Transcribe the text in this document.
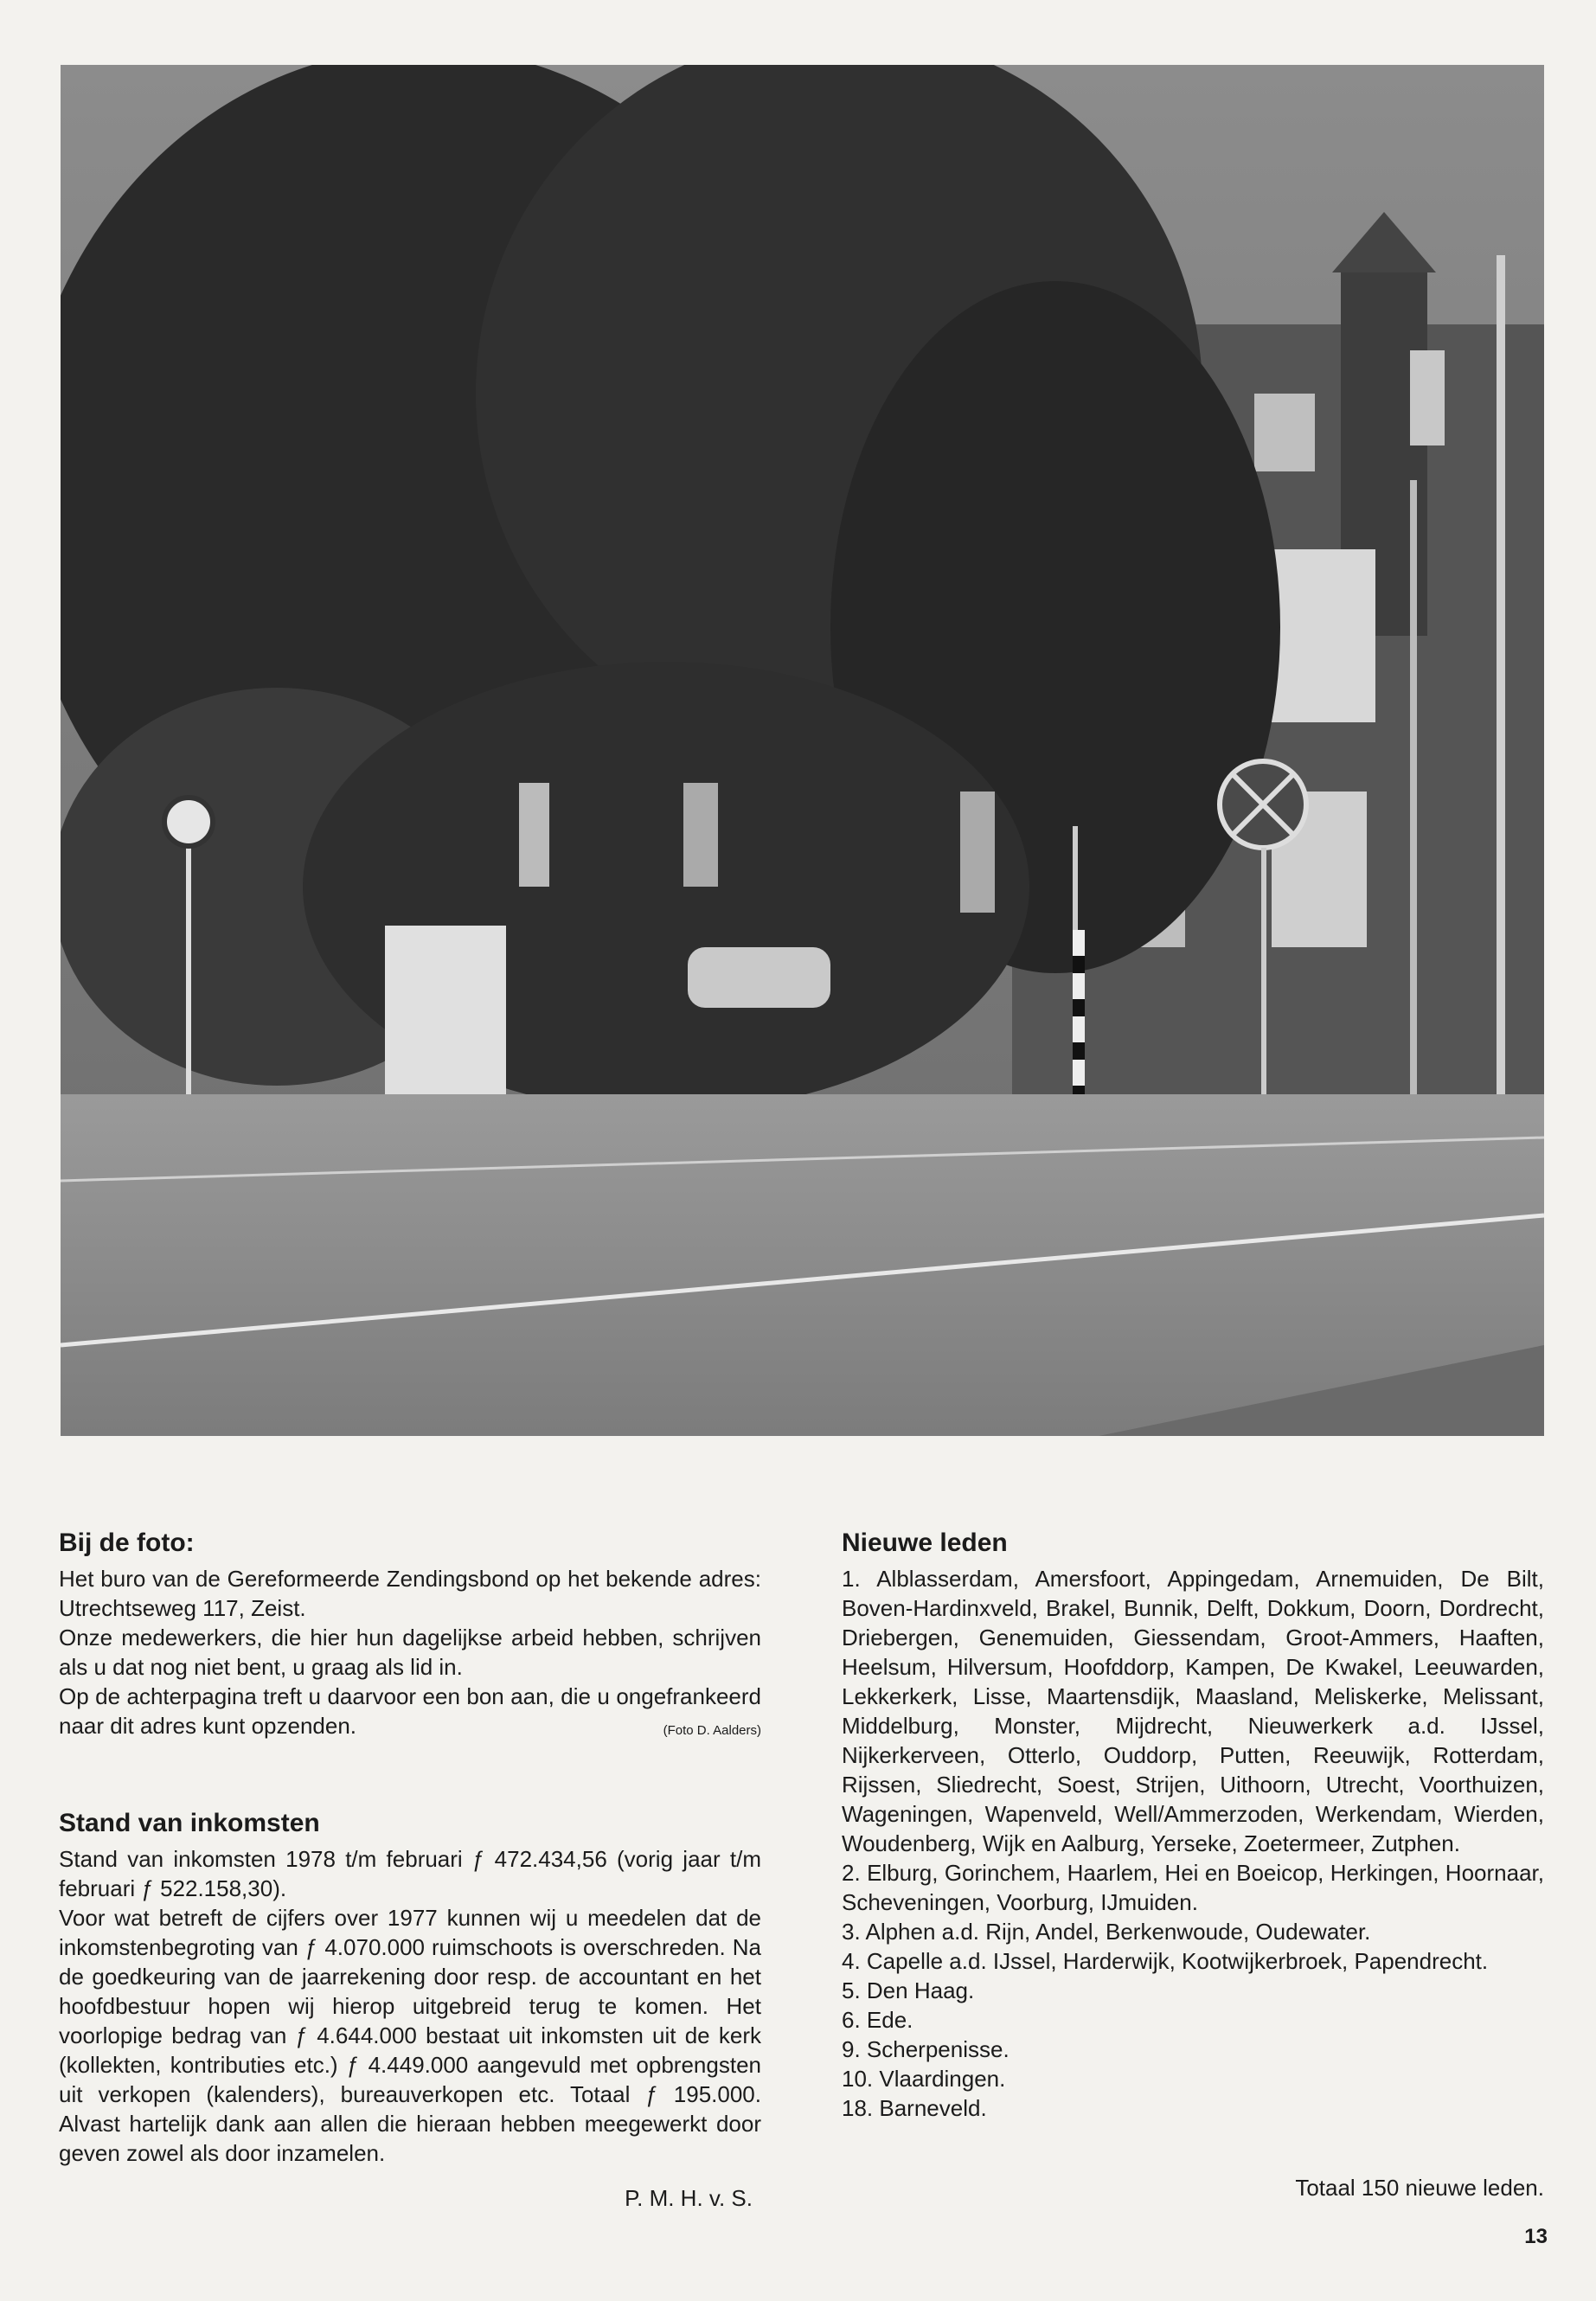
Bij de foto:

Het buro van de Gereformeerde Zendingsbond op het bekende adres: Utrechtseweg 117, Zeist.

Onze medewerkers, die hier hun dagelijkse arbeid hebben, schrijven als u dat nog niet bent, u graag als lid in.

Op de achterpagina treft u daarvoor een bon aan, die u ongefrankeerd naar dit adres kunt opzenden.	(Foto D. Aalders)

Stand van inkomsten

Stand van inkomsten 1978 t/m februari ƒ 472.434,56 (vorig jaar t/m februari ƒ 522.158,30).

Voor wat betreft de cijfers over 1977 kunnen wij u meedelen dat de inkomstenbegroting van ƒ 4.070.000 ruimschoots is overschreden. Na de goedkeuring van de jaarrekening door resp. de accountant en het hoofdbestuur hopen wij hierop uitgebreid terug te komen. Het voorlopige bedrag van ƒ 4.644.000 bestaat uit inkomsten uit de kerk (kollekten, kontributies etc.) ƒ 4.449.000 aangevuld met opbrengsten uit verkopen (kalenders), bureauverkopen etc. Totaal ƒ 195.000. Alvast hartelijk dank aan allen die hieraan hebben meegewerkt door geven zowel als door inzamelen.

P. M. H. v. S.
Nieuwe leden

1. Alblasserdam, Amersfoort, Appingedam, Arnemuiden, De Bilt, Boven-Hardinxveld, Brakel, Bunnik, Delft, Dokkum, Doorn, Dordrecht, Driebergen, Genemuiden, Giessendam, Groot-Ammers, Haaften, Heelsum, Hilversum, Hoofddorp, Kampen, De Kwakel, Leeuwarden, Lekkerkerk, Lisse, Maartensdijk, Maasland, Meliskerke, Melissant, Middelburg, Monster, Mijdrecht, Nieuwerkerk a.d. IJssel, Nijkerkerveen, Otterlo, Ouddorp, Putten, Reeuwijk, Rotterdam, Rijssen, Sliedrecht, Soest, Strijen, Uithoorn, Utrecht, Voorthuizen, Wageningen, Wapenveld, Well/Ammerzoden, Werkendam, Wierden, Woudenberg, Wijk en Aalburg, Yerseke, Zoetermeer, Zutphen.

2. Elburg, Gorinchem, Haarlem, Hei en Boeicop, Herkingen, Hoornaar, Scheveningen, Voorburg, IJmuiden.

3. Alphen a.d. Rijn, Andel, Berkenwoude, Oudewater.

4. Capelle a.d. IJssel, Harderwijk, Kootwijkerbroek, Papendrecht.

5. Den Haag.

6. Ede.

9. Scherpenisse.

10. Vlaardingen.

18. Barneveld.

Totaal 150 nieuwe leden.
13
